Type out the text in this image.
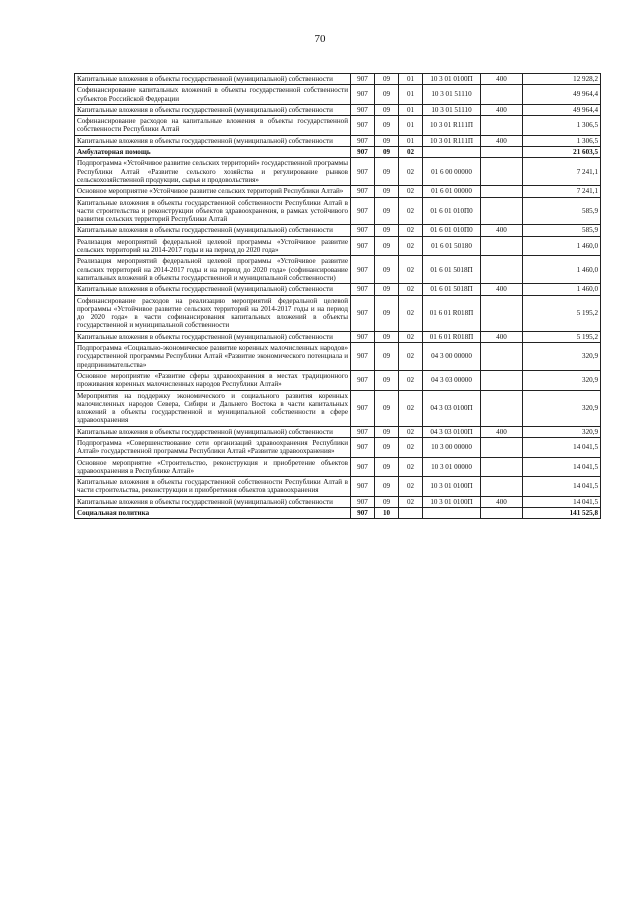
70
Капитальные вложения в объекты государственной (муниципальной) собственности	907	09	01	10 3 01 0100П	400	12 928,2
Софинансирование капитальных вложений в объекты государственной собственности субъектов Российской Федерации	907	09	01	10 3 01 51110		49 964,4
Капитальные вложения в объекты государственной (муниципальной) собственности	907	09	01	10 3 01 51110	400	49 964,4
Софинансирование расходов на капитальные вложения в объекты государственной собственности Республики Алтай	907	09	01	10 3 01 R111П		1 306,5
Капитальные вложения в объекты государственной (муниципальной) собственности	907	09	01	10 3 01 R111П	400	1 306,5
Амбулаторная помощь	907	09	02			21 603,5
Подпрограмма «Устойчивое развитие сельских территорий» государственной программы Республики Алтай «Развитие сельского хозяйства и регулирование рынков сельскохозяйственной продукции, сырья и продовольствия»	907	09	02	01 6 00 00000		7 241,1
Основное мероприятие «Устойчивое развитие сельских территорий Республики Алтай»	907	09	02	01 6 01 00000		7 241,1
Капитальные вложения в объекты государственной собственности Республики Алтай в части строительства и реконструкции объектов здравоохранения, в рамках устойчивого развития сельских территорий Республики Алтай	907	09	02	01 6 01 010П0		585,9
Капитальные вложения в объекты государственной (муниципальной) собственности	907	09	02	01 6 01 010П0	400	585,9
Реализация мероприятий федеральной целевой программы «Устойчивое развитие сельских территорий на 2014-2017 годы и на период до 2020 года»	907	09	02	01 6 01 50180		1 460,0
Реализация мероприятий федеральной целевой программы «Устойчивое развитие сельских территорий на 2014-2017 годы и на период до 2020 года» (софинансирование капитальных вложений в объекты государственной и муниципальной собственности)	907	09	02	01 6 01 5018П		1 460,0
Капитальные вложения в объекты государственной (муниципальной) собственности	907	09	02	01 6 01 5018П	400	1 460,0
Софинансирование расходов на реализацию мероприятий федеральной целевой программы «Устойчивое развитие сельских территорий на 2014-2017 годы и на период до 2020 года» в части софинансирования капитальных вложений в объекты государственной и муниципальной собственности	907	09	02	01 6 01 R018П		5 195,2
Капитальные вложения в объекты государственной (муниципальной) собственности	907	09	02	01 6 01 R018П	400	5 195,2
Подпрограмма «Социально-экономическое развитие коренных малочисленных народов» государственной программы Республики Алтай «Развитие экономического потенциала и предпринимательства»	907	09	02	04 3 00 00000		320,9
Основное мероприятие «Развитие сферы здравоохранения в местах традиционного проживания коренных малочисленных народов Республики Алтай»	907	09	02	04 3 03 00000		320,9
Мероприятия на поддержку экономического и социального развития коренных малочисленных народов Севера, Сибири и Дальнего Востока в части капитальных вложений в объекты государственной и муниципальной собственности в сфере здравоохранения	907	09	02	04 3 03 0100П		320,9
Капитальные вложения в объекты государственной (муниципальной) собственности	907	09	02	04 3 03 0100П	400	320,9
Подпрограмма «Совершенствование сети организаций здравоохранения Республики Алтай» государственной программы Республики Алтай «Развитие здравоохранения»	907	09	02	10 3 00 00000		14 041,5
Основное мероприятие «Строительство, реконструкция и приобретение объектов здравоохранения в Республике Алтай»	907	09	02	10 3 01 00000		14 041,5
Капитальные вложения в объекты государственной собственности Республики Алтай в части строительства, реконструкции и приобретения объектов здравоохранения	907	09	02	10 3 01 0100П		14 041,5
Капитальные вложения в объекты государственной (муниципальной) собственности	907	09	02	10 3 01 0100П	400	14 041,5
Социальная политика	907	10				141 525,8
